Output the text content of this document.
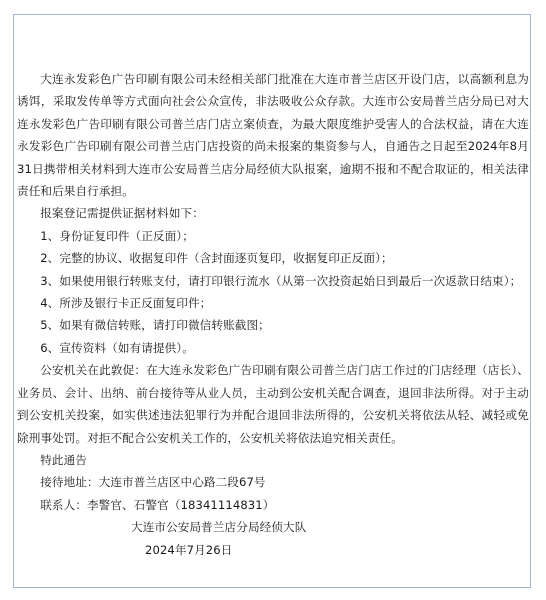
大连永发彩色广告印刷有限公司未经相关部门批准在大连市普兰店区开设门店，以高额利息为诱饵，采取发传单等方式面向社会公众宣传，非法吸收公众存款。大连市公安局普兰店分局已对大连永发彩色广告印刷有限公司普兰店门店立案侦查，为最大限度维护受害人的合法权益，请在大连永发彩色广告印刷有限公司普兰店门店投资的尚未报案的集资参与人，自通告之日起至2024年8月31日携带相关材料到大连市公安局普兰店分局经侦大队报案，逾期不报和不配合取证的，相关法律责任和后果自行承担。

报案登记需提供证据材料如下：

1、身份证复印件（正反面）；

2、完整的协议、收据复印件（含封面逐页复印，收据复印正反面）；

3、如果使用银行转账支付，请打印银行流水（从第一次投资起始日到最后一次返款日结束）；

4、所涉及银行卡正反面复印件；

5、如果有微信转账，请打印微信转账截图；

6、宣传资料（如有请提供）。

公安机关在此敦促：在大连永发彩色广告印刷有限公司普兰店门店工作过的门店经理（店长）、业务员、会计、出纳、前台接待等从业人员，主动到公安机关配合调查，退回非法所得。对于主动到公安机关投案，如实供述违法犯罪行为并配合退回非法所得的，公安机关将依法从轻、减轻或免除刑事处罚。对拒不配合公安机关工作的，公安机关将依法追究相关责任。

特此通告

接待地址：大连市普兰店区中心路二段67号

联系人：李警官、石警官（18341114831）

大连市公安局普兰店分局经侦大队

2024年7月26日
